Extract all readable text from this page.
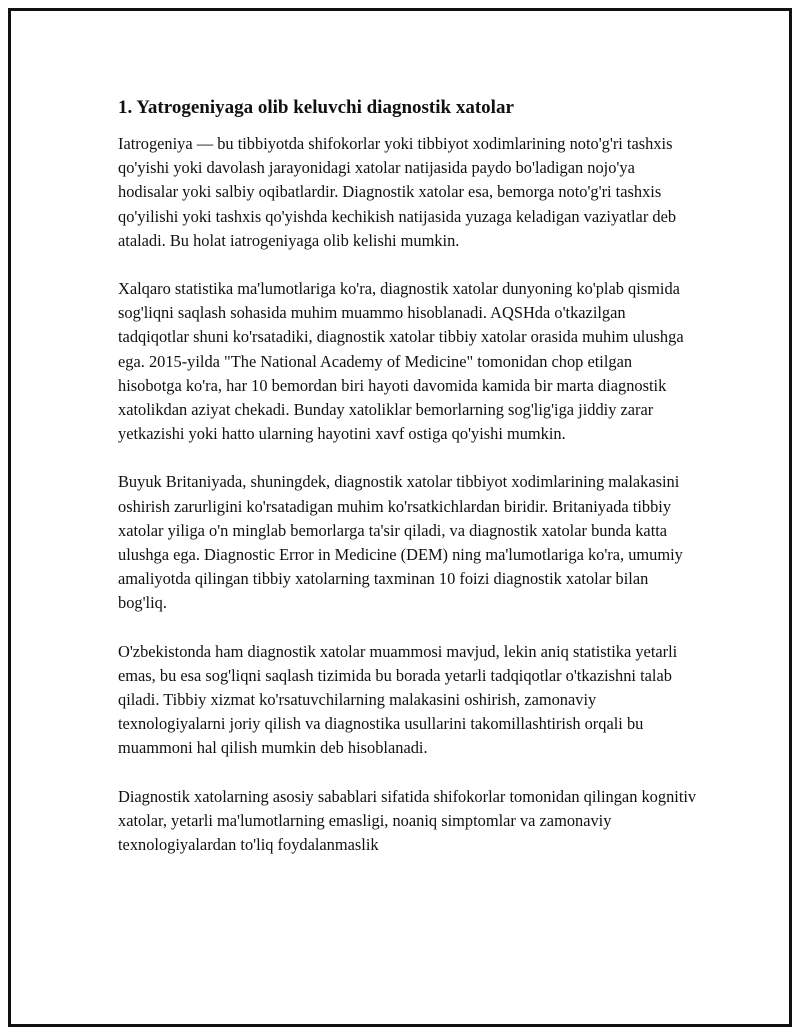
1. Yatrogeniyaga olib keluvchi diagnostik xatolar

Iatrogeniya — bu tibbiyotda shifokorlar yoki tibbiyot xodimlarining noto'g'ri tashxis qo'yishi yoki davolash jarayonidagi xatolar natijasida paydo bo'ladigan nojo'ya hodisalar yoki salbiy oqibatlardir. Diagnostik xatolar esa, bemorga noto'g'ri tashxis qo'yilishi yoki tashxis qo'yishda kechikish natijasida yuzaga keladigan vaziyatlar deb ataladi. Bu holat iatrogeniyaga olib kelishi mumkin.

Xalqaro statistika ma'lumotlariga ko'ra, diagnostik xatolar dunyoning ko'plab qismida sog'liqni saqlash sohasida muhim muammo hisoblanadi. AQSHda o'tkazilgan tadqiqotlar shuni ko'rsatadiki, diagnostik xatolar tibbiy xatolar orasida muhim ulushga ega. 2015-yilda "The National Academy of Medicine" tomonidan chop etilgan hisobotga ko'ra, har 10 bemordan biri hayoti davomida kamida bir marta diagnostik xatolikdan aziyat chekadi. Bunday xatoliklar bemorlarning sog'lig'iga jiddiy zarar yetkazishi yoki hatto ularning hayotini xavf ostiga qo'yishi mumkin.

Buyuk Britaniyada, shuningdek, diagnostik xatolar tibbiyot xodimlarining malakasini oshirish zarurligini ko'rsatadigan muhim ko'rsatkichlardan biridir. Britaniyada tibbiy xatolar yiliga o'n minglab bemorlarga ta'sir qiladi, va diagnostik xatolar bunda katta ulushga ega. Diagnostic Error in Medicine (DEM) ning ma'lumotlariga ko'ra, umumiy amaliyotda qilingan tibbiy xatolarning taxminan 10 foizi diagnostik xatolar bilan bog'liq.

O'zbekistonda ham diagnostik xatolar muammosi mavjud, lekin aniq statistika yetarli emas, bu esa sog'liqni saqlash tizimida bu borada yetarli tadqiqotlar o'tkazishni talab qiladi. Tibbiy xizmat ko'rsatuvchilarning malakasini oshirish, zamonaviy texnologiyalarni joriy qilish va diagnostika usullarini takomillashtirish orqali bu muammoni hal qilish mumkin deb hisoblanadi.

Diagnostik xatolarning asosiy sabablari sifatida shifokorlar tomonidan qilingan kognitiv xatolar, yetarli ma'lumotlarning emasligi, noaniq simptomlar va zamonaviy texnologiyalardan to'liq foydalanmaslik
